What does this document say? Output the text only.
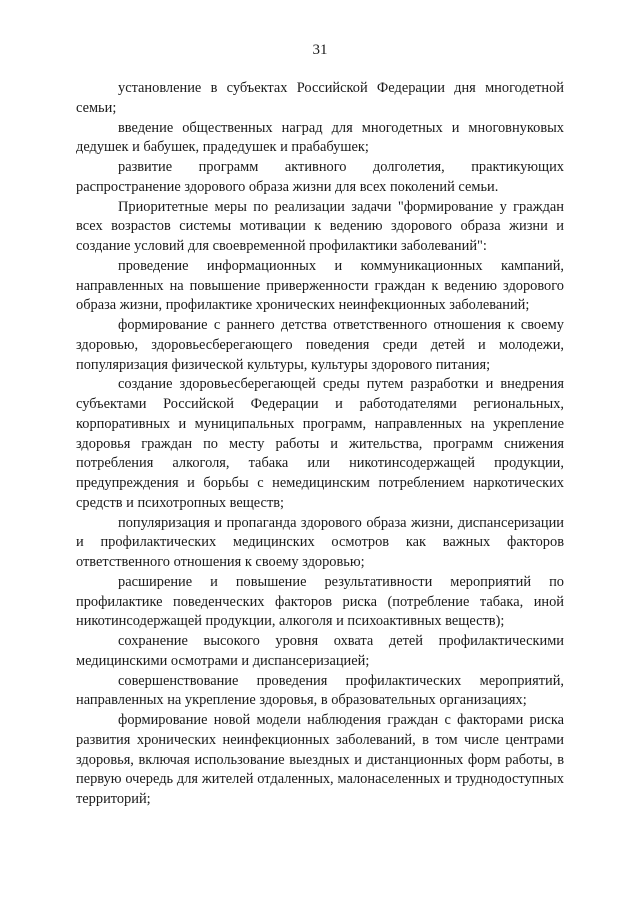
31

установление в субъектах Российской Федерации дня многодетной семьи;

введение общественных наград для многодетных и многовнуковых дедушек и бабушек, прадедушек и прабабушек;

развитие программ активного долголетия, практикующих распространение здорового образа жизни для всех поколений семьи.

Приоритетные меры по реализации задачи "формирование у граждан всех возрастов системы мотивации к ведению здорового образа жизни и создание условий для своевременной профилактики заболеваний":

проведение информационных и коммуникационных кампаний, направленных на повышение приверженности граждан к ведению здорового образа жизни, профилактике хронических неинфекционных заболеваний;

формирование с раннего детства ответственного отношения к своему здоровью, здоровьесберегающего поведения среди детей и молодежи, популяризация физической культуры, культуры здорового питания;

создание здоровьесберегающей среды путем разработки и внедрения субъектами Российской Федерации и работодателями региональных, корпоративных и муниципальных программ, направленных на укрепление здоровья граждан по месту работы и жительства, программ снижения потребления алкоголя, табака или никотинсодержащей продукции, предупреждения и борьбы с немедицинским потреблением наркотических средств и психотропных веществ;

популяризация и пропаганда здорового образа жизни, диспансеризации и профилактических медицинских осмотров как важных факторов ответственного отношения к своему здоровью;

расширение и повышение результативности мероприятий по профилактике поведенческих факторов риска (потребление табака, иной никотинсодержащей продукции, алкоголя и психоактивных веществ);

сохранение высокого уровня охвата детей профилактическими медицинскими осмотрами и диспансеризацией;

совершенствование проведения профилактических мероприятий, направленных на укрепление здоровья, в образовательных организациях;

формирование новой модели наблюдения граждан с факторами риска развития хронических неинфекционных заболеваний, в том числе центрами здоровья, включая использование выездных и дистанционных форм работы, в первую очередь для жителей отдаленных, малонаселенных и труднодоступных территорий;
